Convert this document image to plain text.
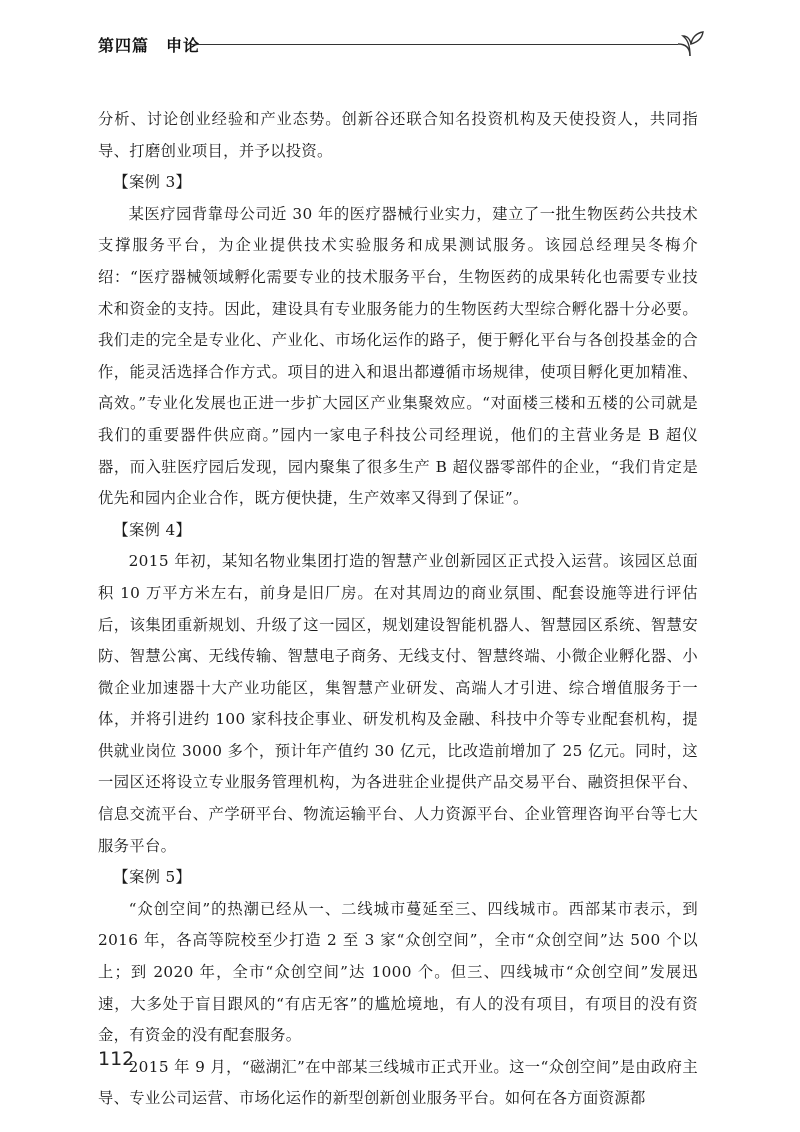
第四篇　申论

分析、讨论创业经验和产业态势。创新谷还联合知名投资机构及天使投资人，共同指导、打磨创业项目，并予以投资。

【案例 3】

某医疗园背靠母公司近 30 年的医疗器械行业实力，建立了一批生物医药公共技术支撑服务平台，为企业提供技术实验服务和成果测试服务。该园总经理吴冬梅介绍：“医疗器械领域孵化需要专业的技术服务平台，生物医药的成果转化也需要专业技术和资金的支持。因此，建设具有专业服务能力的生物医药大型综合孵化器十分必要。我们走的完全是专业化、产业化、市场化运作的路子，便于孵化平台与各创投基金的合作，能灵活选择合作方式。项目的进入和退出都遵循市场规律，使项目孵化更加精准、高效。”专业化发展也正进一步扩大园区产业集聚效应。“对面楼三楼和五楼的公司就是我们的重要器件供应商。”园内一家电子科技公司经理说，他们的主营业务是 B 超仪器，而入驻医疗园后发现，园内聚集了很多生产 B 超仪器零部件的企业，“我们肯定是优先和园内企业合作，既方便快捷，生产效率又得到了保证”。

【案例 4】

2015 年初，某知名物业集团打造的智慧产业创新园区正式投入运营。该园区总面积 10 万平方米左右，前身是旧厂房。在对其周边的商业氛围、配套设施等进行评估后，该集团重新规划、升级了这一园区，规划建设智能机器人、智慧园区系统、智慧安防、智慧公寓、无线传输、智慧电子商务、无线支付、智慧终端、小微企业孵化器、小微企业加速器十大产业功能区，集智慧产业研发、高端人才引进、综合增值服务于一体，并将引进约 100 家科技企事业、研发机构及金融、科技中介等专业配套机构，提供就业岗位 3000 多个，预计年产值约 30 亿元，比改造前增加了 25 亿元。同时，这一园区还将设立专业服务管理机构，为各进驻企业提供产品交易平台、融资担保平台、信息交流平台、产学研平台、物流运输平台、人力资源平台、企业管理咨询平台等七大服务平台。

【案例 5】

“众创空间”的热潮已经从一、二线城市蔓延至三、四线城市。西部某市表示，到 2016 年，各高等院校至少打造 2 至 3 家“众创空间”，全市“众创空间”达 500 个以上；到 2020 年，全市“众创空间”达 1000 个。但三、四线城市“众创空间”发展迅速，大多处于盲目跟风的“有店无客”的尴尬境地，有人的没有项目，有项目的没有资金，有资金的没有配套服务。

2015 年 9 月，“磁湖汇”在中部某三线城市正式开业。这一“众创空间”是由政府主导、专业公司运营、市场化运作的新型创新创业服务平台。如何在各方面资源都

112
